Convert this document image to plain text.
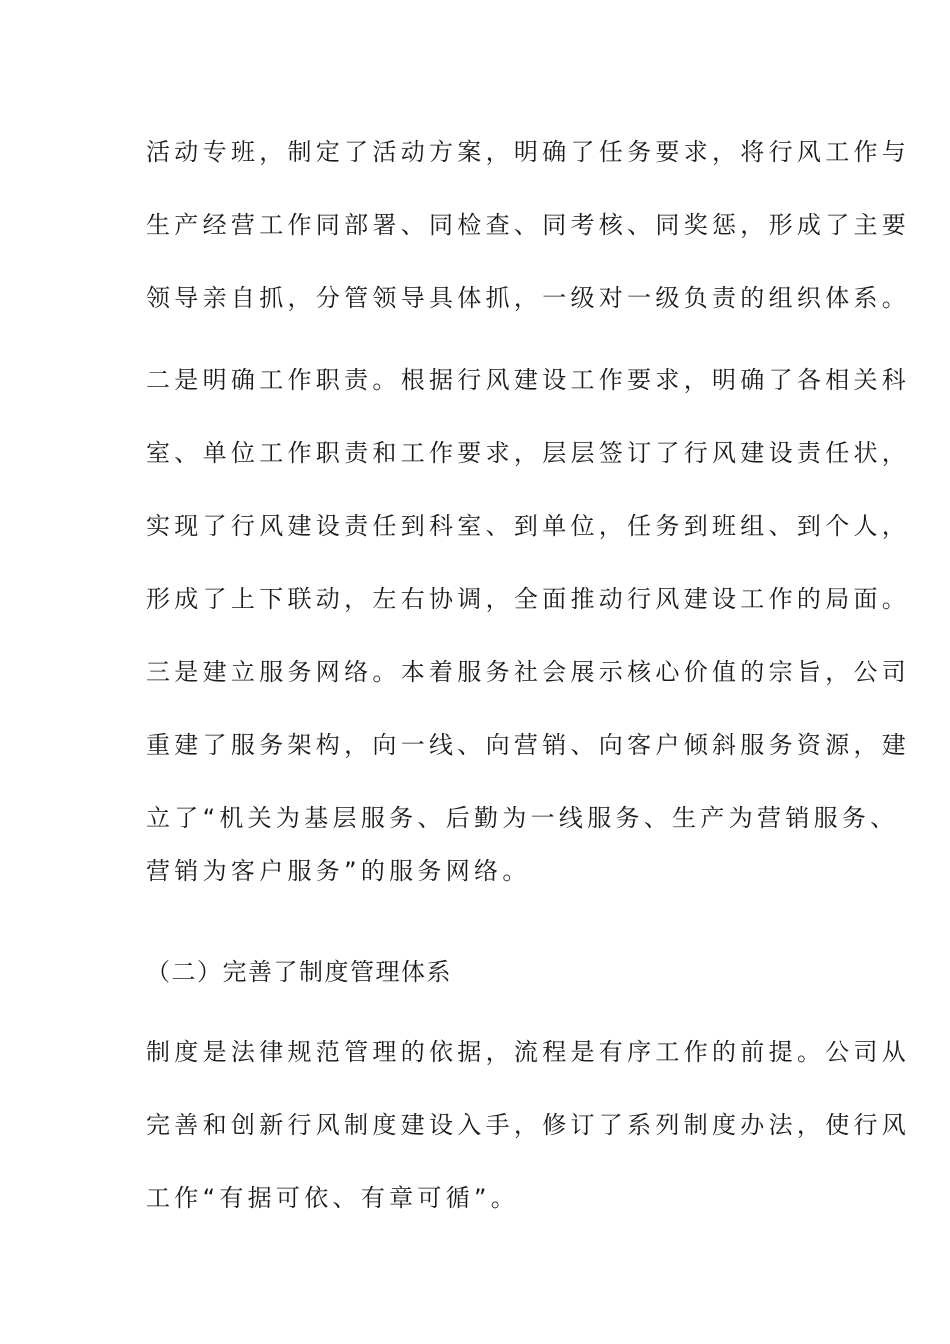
活动专班，制定了活动方案，明确了任务要求，将行风工作与
生产经营工作同部署、同检查、同考核、同奖惩，形成了主要
领导亲自抓，分管领导具体抓，一级对一级负责的组织体系。
二是明确工作职责。根据行风建设工作要求，明确了各相关科
室、单位工作职责和工作要求，层层签订了行风建设责任状，
实现了行风建设责任到科室、到单位，任务到班组、到个人，
形成了上下联动，左右协调，全面推动行风建设工作的局面。
三是建立服务网络。本着服务社会展示核心价值的宗旨，公司
重建了服务架构，向一线、向营销、向客户倾斜服务资源，建
立了“机关为基层服务、后勤为一线服务、生产为营销服务、
营销为客户服务”的服务网络。
（二）完善了制度管理体系
制度是法律规范管理的依据，流程是有序工作的前提。公司从
完善和创新行风制度建设入手，修订了系列制度办法，使行风
工作“有据可依、有章可循”。
